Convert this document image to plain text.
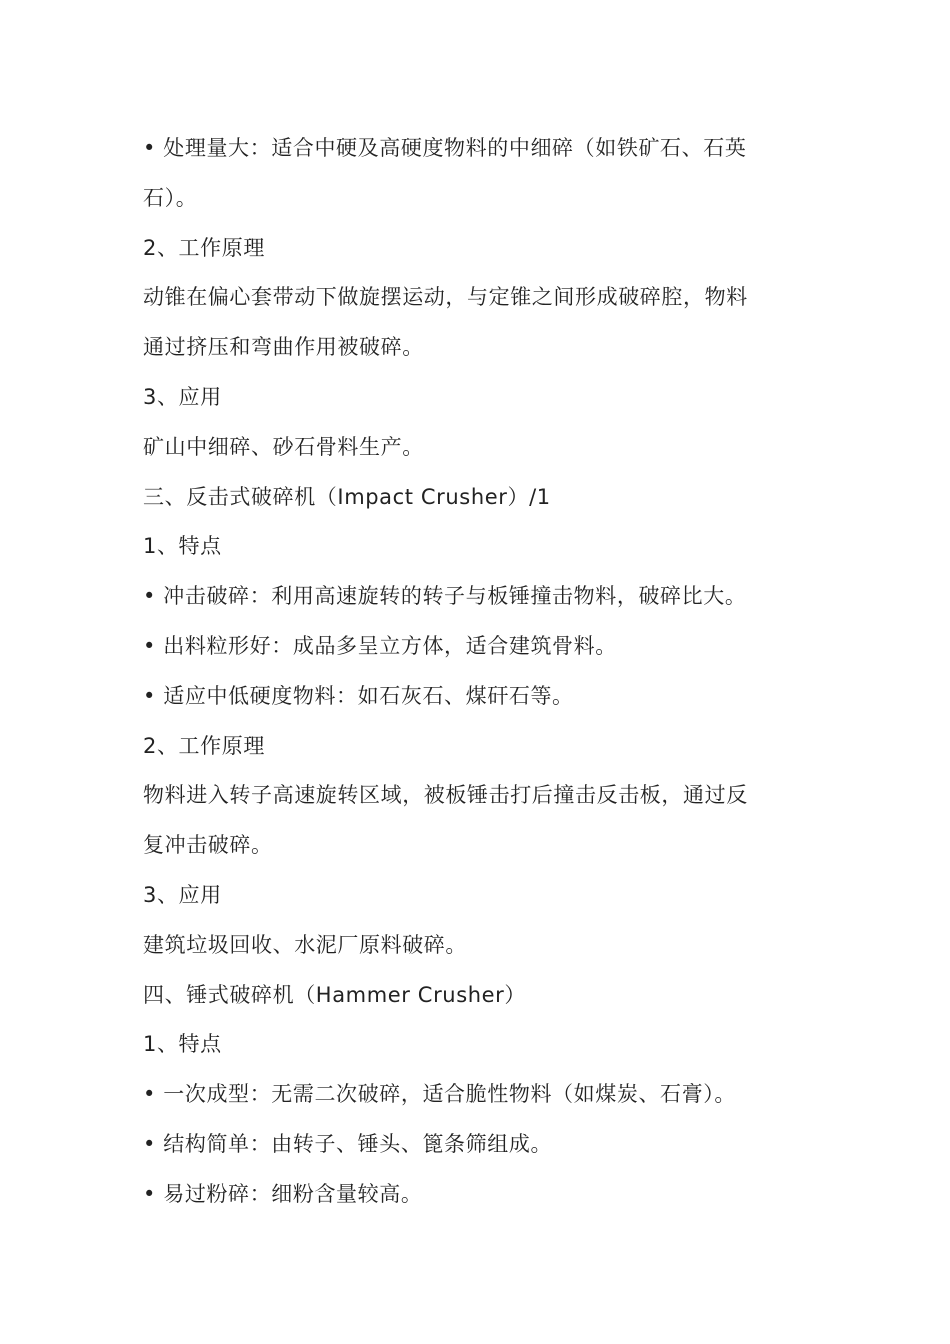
• 处理量大：适合中硬及高硬度物料的中细碎（如铁矿石、石英
石）。
2、工作原理
动锥在偏心套带动下做旋摆运动，与定锥之间形成破碎腔，物料
通过挤压和弯曲作用被破碎。
3、应用
矿山中细碎、砂石骨料生产。
三、反击式破碎机（Impact Crusher）/1
1、特点
• 冲击破碎：利用高速旋转的转子与板锤撞击物料，破碎比大。
• 出料粒形好：成品多呈立方体，适合建筑骨料。
• 适应中低硬度物料：如石灰石、煤矸石等。
2、工作原理
物料进入转子高速旋转区域，被板锤击打后撞击反击板，通过反
复冲击破碎。
3、应用
建筑垃圾回收、水泥厂原料破碎。
四、锤式破碎机（Hammer Crusher）
1、特点
• 一次成型：无需二次破碎，适合脆性物料（如煤炭、石膏）。
• 结构简单：由转子、锤头、篦条筛组成。
• 易过粉碎：细粉含量较高。
